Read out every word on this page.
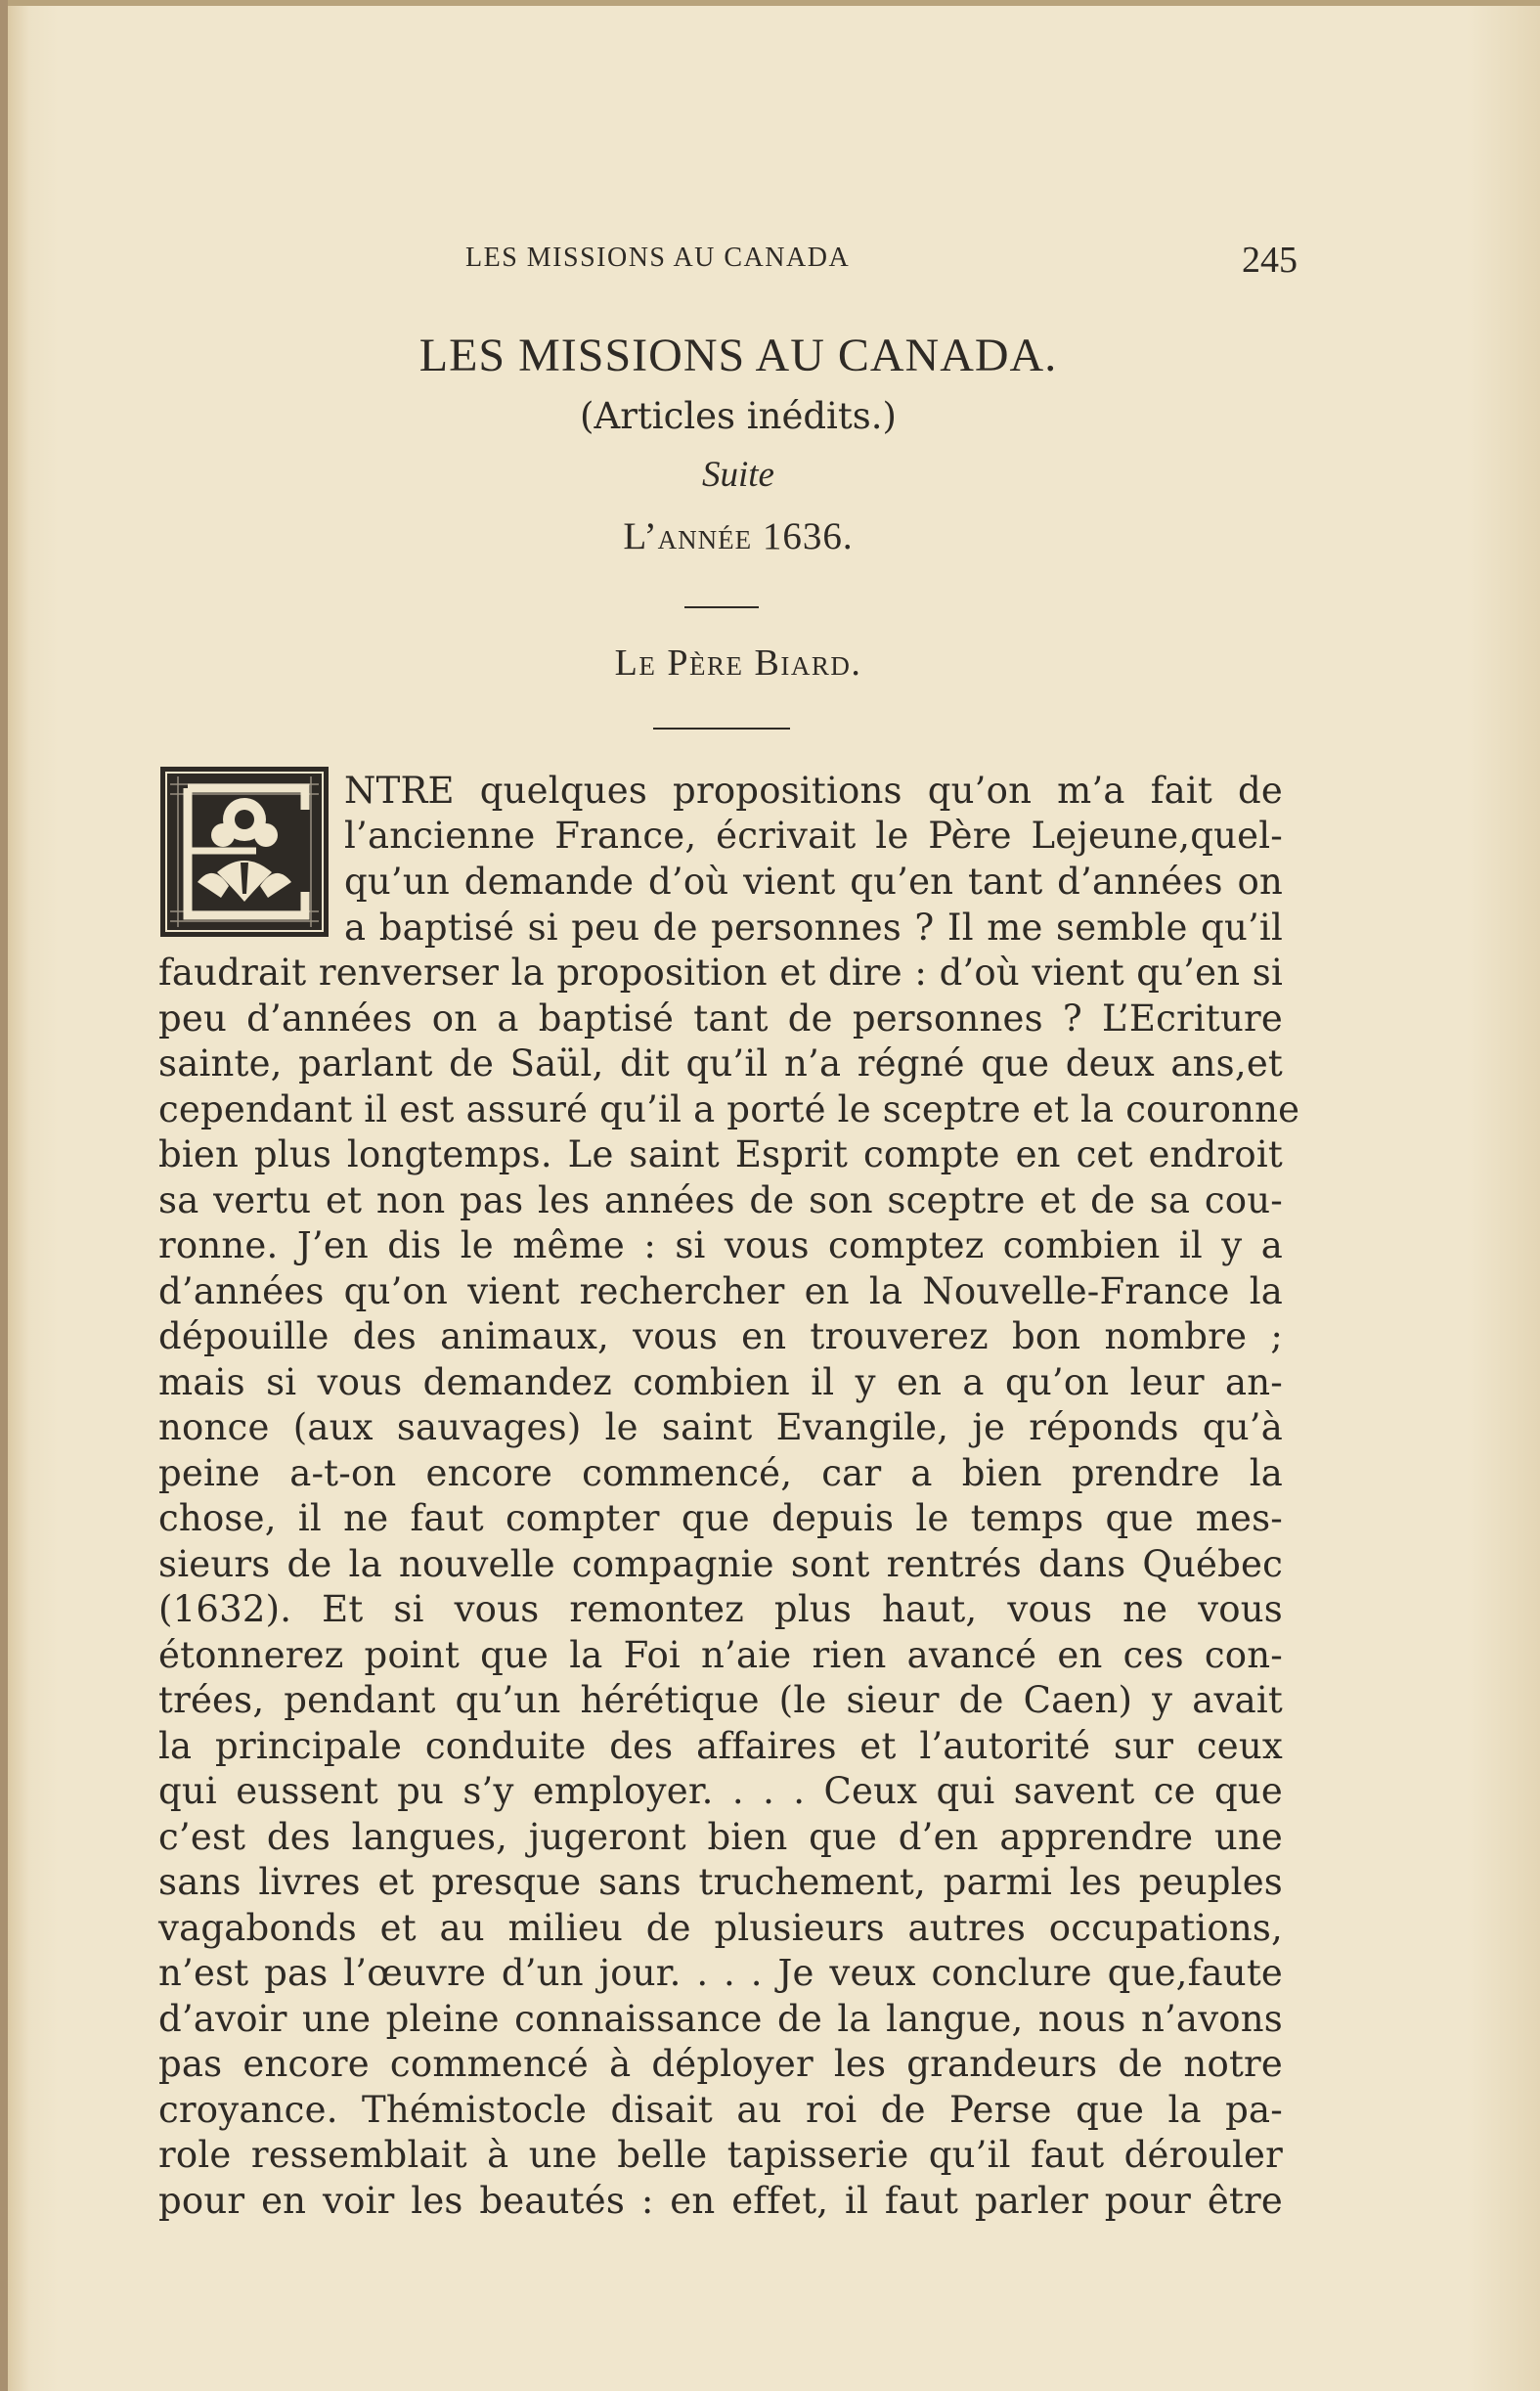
LES MISSIONS AU CANADA	245
LES MISSIONS AU CANADA.
(Articles inédits.)
Suite
L’année 1636.
Le Père Biard.
NTRE quelques propositions qu’on m’a fait de
l’ancienne France, écrivait le Père Lejeune,quel-
qu’un demande d’où vient qu’en tant d’années on
a baptisé si peu de personnes ? Il me semble qu’il
faudrait renverser la proposition et dire : d’où vient qu’en si
peu d’années on a baptisé tant de personnes ? L’Ecriture
sainte, parlant de Saül, dit qu’il n’a régné que deux ans,et
cependant il est assuré qu’il a porté le sceptre et la couronne
bien plus longtemps. Le saint Esprit compte en cet endroit
sa vertu et non pas les années de son sceptre et de sa cou-
ronne. J’en dis le même : si vous comptez combien il y a
d’années qu’on vient rechercher en la Nouvelle-France la
dépouille des animaux, vous en trouverez bon nombre ;
mais si vous demandez combien il y en a qu’on leur an-
nonce (aux sauvages) le saint Evangile, je réponds qu’à
peine a-t-on encore commencé, car a bien prendre la
chose, il ne faut compter que depuis le temps que mes-
sieurs de la nouvelle compagnie sont rentrés dans Québec
(1632). Et si vous remontez plus haut, vous ne vous
étonnerez point que la Foi n’aie rien avancé en ces con-
trées, pendant qu’un hérétique (le sieur de Caen) y avait
la principale conduite des affaires et l’autorité sur ceux
qui eussent pu s’y employer. . . . Ceux qui savent ce que
c’est des langues, jugeront bien que d’en apprendre une
sans livres et presque sans truchement, parmi les peuples
vagabonds et au milieu de plusieurs autres occupations,
n’est pas l’œuvre d’un jour. . . . Je veux conclure que,faute
d’avoir une pleine connaissance de la langue, nous n’avons
pas encore commencé à déployer les grandeurs de notre
croyance. Thémistocle disait au roi de Perse que la pa-
role ressemblait à une belle tapisserie qu’il faut dérouler
pour en voir les beautés : en effet, il faut parler pour être
